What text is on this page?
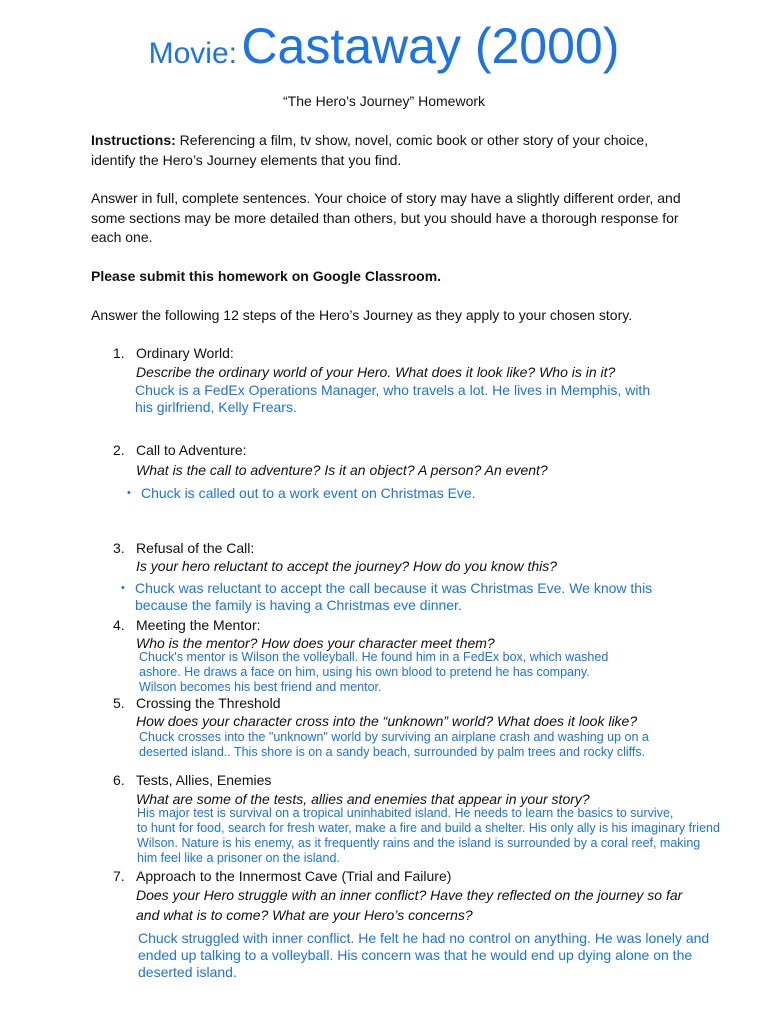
Movie: Castaway (2000)
“The Hero’s Journey” Homework
Instructions: Referencing a film, tv show, novel, comic book or other story of your choice, identify the Hero’s Journey elements that you find.
Answer in full, complete sentences. Your choice of story may have a slightly different order, and some sections may be more detailed than others, but you should have a thorough response for each one.
Please submit this homework on Google Classroom.
Answer the following 12 steps of the Hero’s Journey as they apply to your chosen story.
1. Ordinary World:
Describe the ordinary world of your Hero. What does it look like? Who is in it?
Chuck is a FedEx Operations Manager, who travels a lot. He lives in Memphis, with
his girlfriend, Kelly Frears.
2. Call to Adventure:
What is the call to adventure? Is it an object? A person? An event?
• Chuck is called out to a work event on Christmas Eve.
3. Refusal of the Call:
Is your hero reluctant to accept the journey? How do you know this?
• Chuck was reluctant to accept the call because it was Christmas Eve. We know this
because the family is having a Christmas eve dinner.
4. Meeting the Mentor:
Who is the mentor? How does your character meet them?
Chuck's mentor is Wilson the volleyball. He found him in a FedEx box, which washed
ashore. He draws a face on him, using his own blood to pretend he has company.
Wilson becomes his best friend and mentor.
5. Crossing the Threshold
How does your character cross into the “unknown” world? What does it look like?
Chuck crosses into the "unknown" world by surviving an airplane crash and washing up on a
deserted island.. This shore is on a sandy beach, surrounded by palm trees and rocky cliffs.
6. Tests, Allies, Enemies
What are some of the tests, allies and enemies that appear in your story?
His major test is survival on a tropical uninhabited island. He needs to learn the basics to survive,
to hunt for food, search for fresh water, make a fire and build a shelter. His only ally is his imaginary friend
Wilson. Nature is his enemy, as it frequently rains and the island is surrounded by a coral reef, making
him feel like a prisoner on the island.
7. Approach to the Innermost Cave (Trial and Failure)
Does your Hero struggle with an inner conflict? Have they reflected on the journey so far
and what is to come? What are your Hero’s concerns?
Chuck struggled with inner conflict. He felt he had no control on anything. He was lonely and
ended up talking to a volleyball. His concern was that he would end up dying alone on the
deserted island.
